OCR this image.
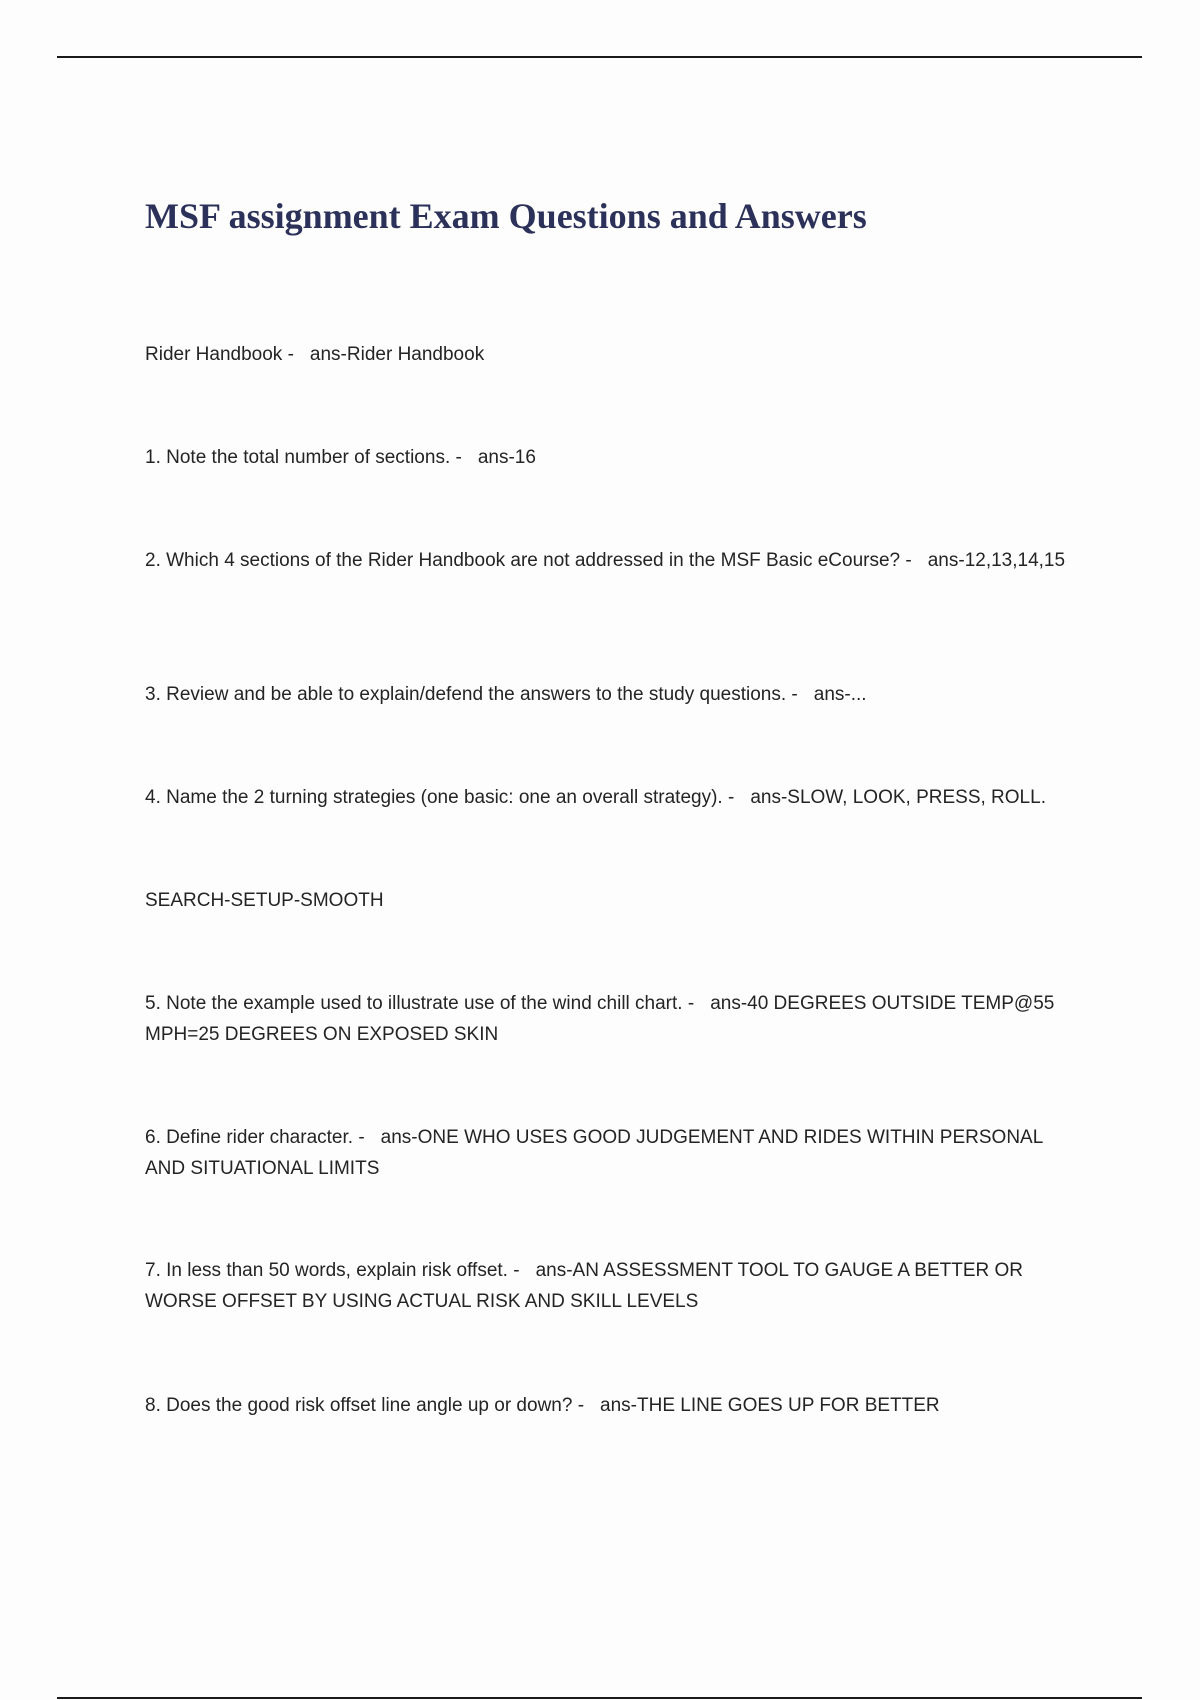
MSF assignment Exam Questions and Answers

Rider Handbook - ans-Rider Handbook

1. Note the total number of sections. - ans-16

2. Which 4 sections of the Rider Handbook are not addressed in the MSF Basic eCourse? - ans-12,13,14,15

3. Review and be able to explain/defend the answers to the study questions. - ans-...

4. Name the 2 turning strategies (one basic: one an overall strategy). - ans-SLOW, LOOK, PRESS, ROLL.

SEARCH-SETUP-SMOOTH

5. Note the example used to illustrate use of the wind chill chart. - ans-40 DEGREES OUTSIDE TEMP@55 MPH=25 DEGREES ON EXPOSED SKIN

6. Define rider character. - ans-ONE WHO USES GOOD JUDGEMENT AND RIDES WITHIN PERSONAL AND SITUATIONAL LIMITS

7. In less than 50 words, explain risk offset. - ans-AN ASSESSMENT TOOL TO GAUGE A BETTER OR WORSE OFFSET BY USING ACTUAL RISK AND SKILL LEVELS

8. Does the good risk offset line angle up or down? - ans-THE LINE GOES UP FOR BETTER
